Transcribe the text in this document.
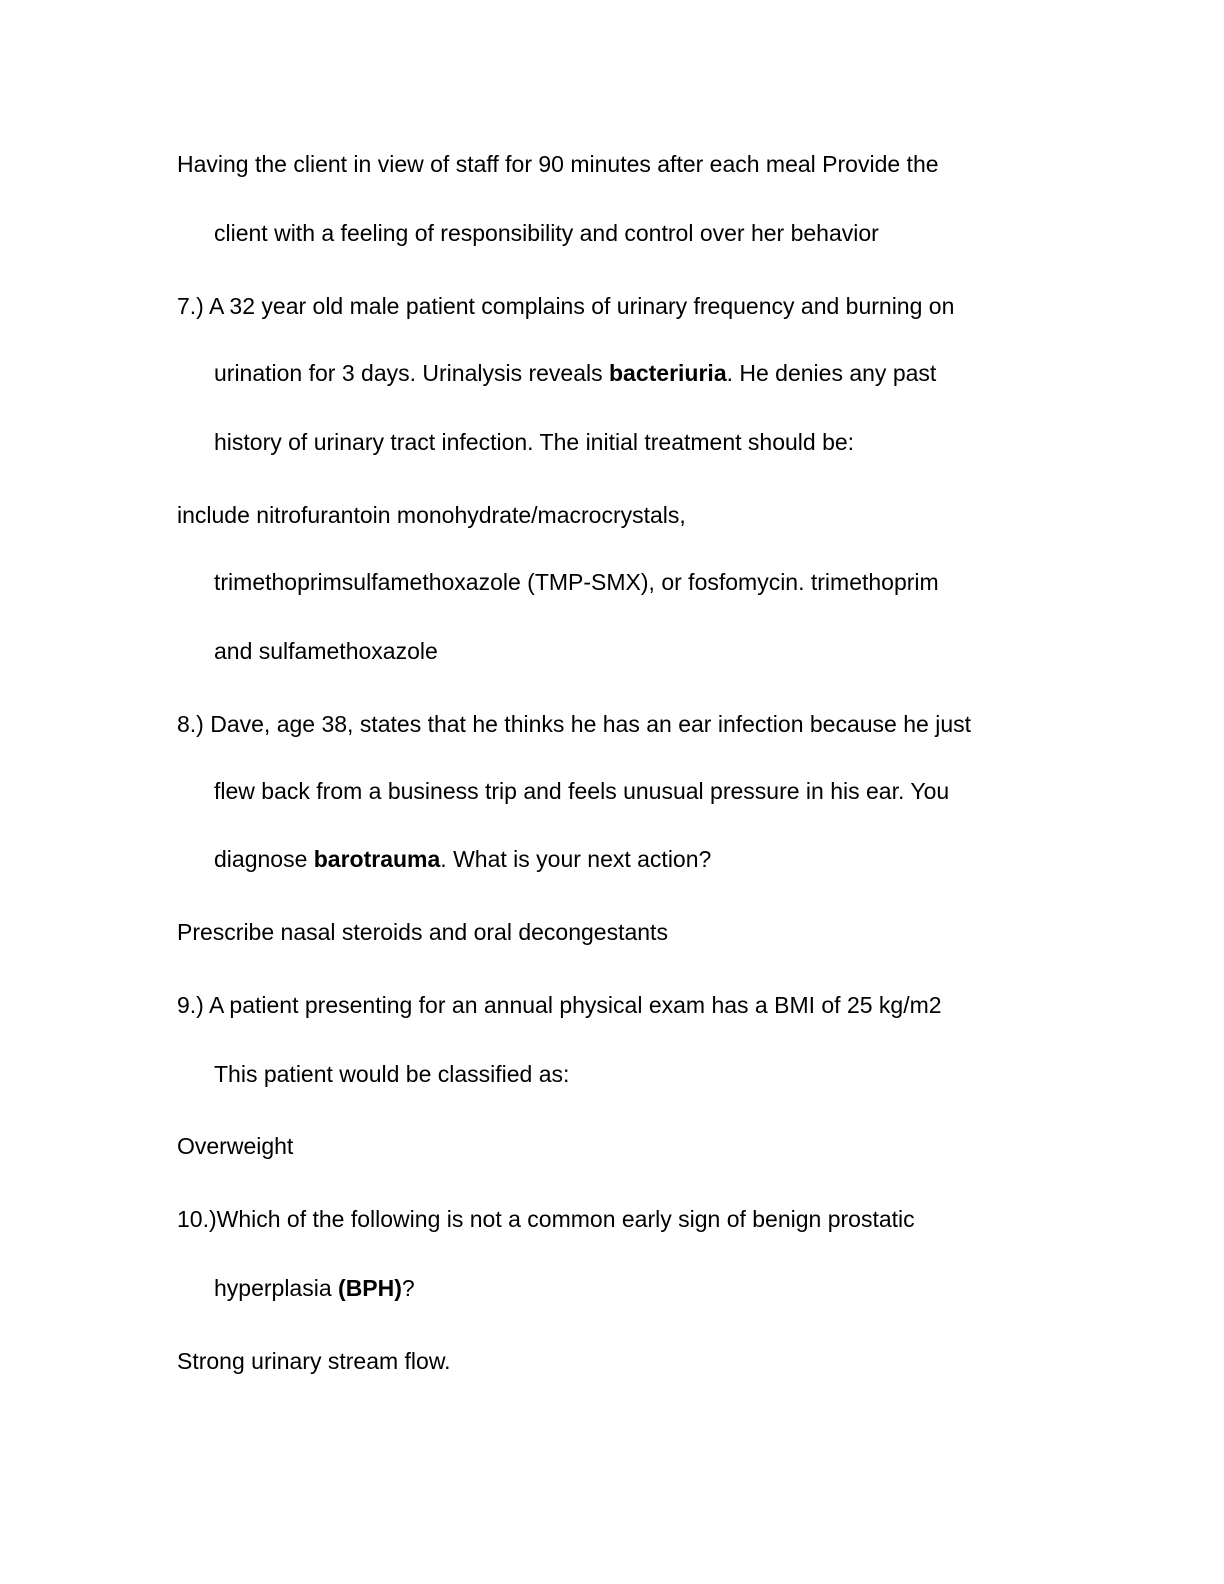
Having the client in view of staff for 90 minutes after each meal Provide the
client with a feeling of responsibility and control over her behavior
7.) A 32 year old male patient complains of urinary frequency and burning on
urination for 3 days. Urinalysis reveals bacteriuria. He denies any past
history of urinary tract infection. The initial treatment should be:
include nitrofurantoin monohydrate/macrocrystals,
trimethoprimsulfamethoxazole (TMP-SMX), or fosfomycin. trimethoprim
and sulfamethoxazole
8.) Dave, age 38, states that he thinks he has an ear infection because he just
flew back from a business trip and feels unusual pressure in his ear. You
diagnose barotrauma. What is your next action?
Prescribe nasal steroids and oral decongestants
9.) A patient presenting for an annual physical exam has a BMI of 25 kg/m2
This patient would be classified as:
Overweight
10.)Which of the following is not a common early sign of benign prostatic
hyperplasia (BPH)?
Strong urinary stream flow.
